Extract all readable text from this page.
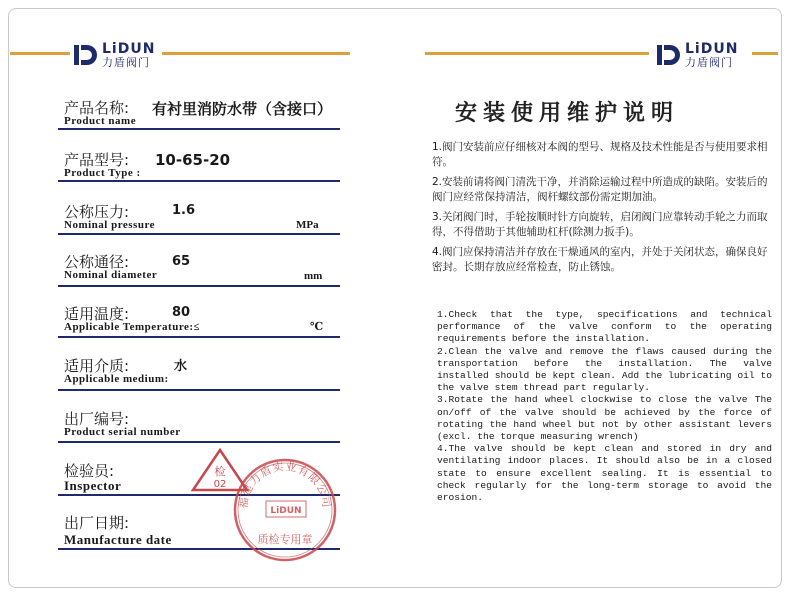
LiDUN
力盾阀门
LiDUN
力盾阀门
产品名称:
Product name
有衬里消防水带（含接口）
产品型号:
Product Type :
10-65-20
公称压力:
Nominal pressure
1.6
MPa
公称通径:
Nominal diameter
65
mm
适用温度:
Applicable Temperature:≤
80
℃
适用介质:
Applicable medium:
水
出厂编号:
Product serial number
检验员:
Inspector
出厂日期:
Manufacture date
检
02
福建力盾实业有限公司
LiDUN
质检专用章
安装使用维护说明

1.阀门安装前应仔细核对本阀的型号、规格及技术性能是否与使用要求相符。

2.安装前请将阀门清洗干净，并消除运输过程中所造成的缺陷。安装后的阀门应经常保持清洁，阀杆螺纹部份需定期加油。

3.关闭阀门时，手轮按顺时针方向旋转，启闭阀门应靠转动手轮之力而取得，不得借助于其他辅助杠杆(除测力扳手)。

4.阀门应保持清洁并存放在干燥通风的室内，并处于关闭状态，确保良好密封。长期存放应经常检查，防止锈蚀。

1.Check that the type, specifications and technical performance of the valve conform to the operating requirements before the installation.

2.Clean the valve and remove the flaws caused during the transportation before the installation. The valve installed should be kept clean. Add the lubricating oil to the valve stem thread part regularly.

3.Rotate the hand wheel clockwise to close the valve The on/off of the valve should be achieved by the force of rotating the hand wheel but not by other assistant levers (excl. the torque measuring wrench)

4.The valve should be kept clean and stored in dry and ventilating indoor places. It should also be in a closed state to ensure excellent sealing. It is essential to check regularly for the long-term storage to avoid the erosion.
